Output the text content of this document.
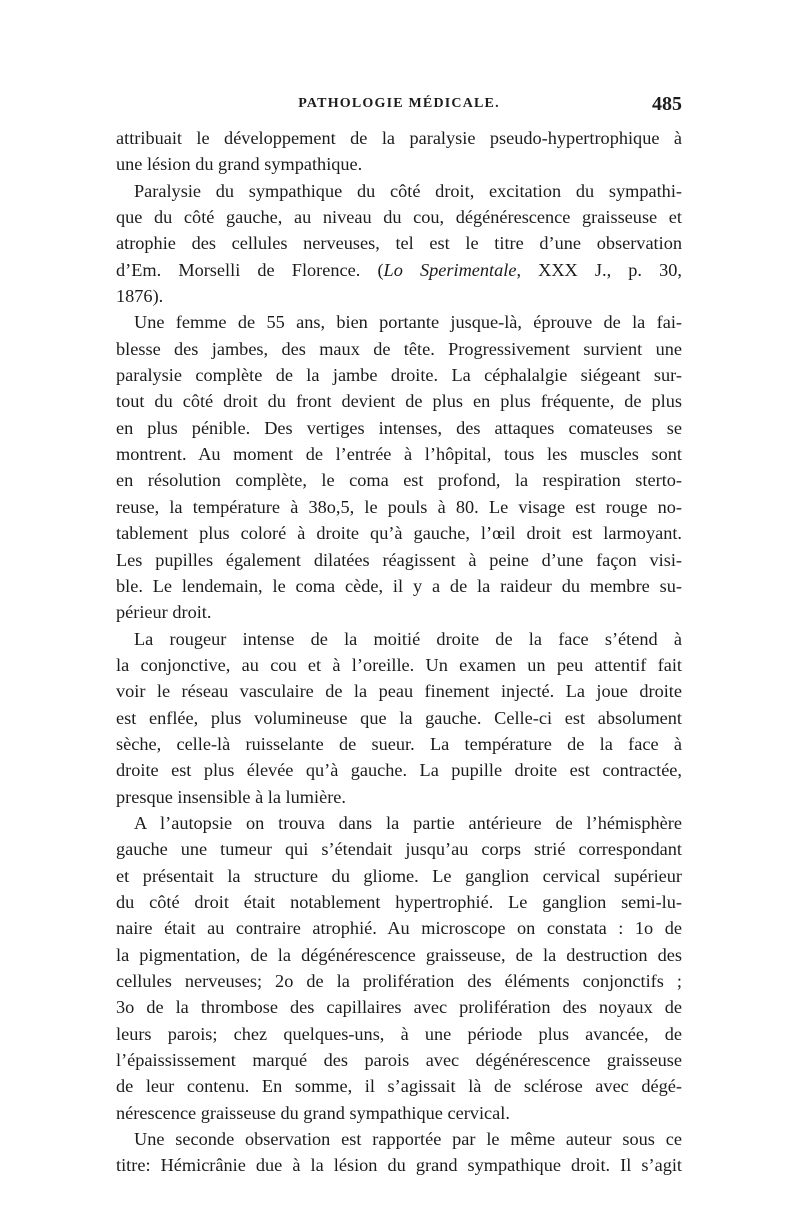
PATHOLOGIE MÉDICALE.	485
attribuait le développement de la paralysie pseudo-hypertrophique à
une lésion du grand sympathique.
Paralysie du sympathique du côté droit, excitation du sympathi-
que du côté gauche, au niveau du cou, dégénérescence graisseuse et
atrophie des cellules nerveuses, tel est le titre d’une observation
d’Em. Morselli de Florence. (Lo Sperimentale, XXX J., p. 30,
1876).
Une femme de 55 ans, bien portante jusque-là, éprouve de la fai-
blesse des jambes, des maux de tête. Progressivement survient une
paralysie complète de la jambe droite. La céphalalgie siégeant sur-
tout du côté droit du front devient de plus en plus fréquente, de plus
en plus pénible. Des vertiges intenses, des attaques comateuses se
montrent. Au moment de l’entrée à l’hôpital, tous les muscles sont
en résolution complète, le coma est profond, la respiration sterto-
reuse, la température à 38o,5, le pouls à 80. Le visage est rouge no-
tablement plus coloré à droite qu’à gauche, l’œil droit est larmoyant.
Les pupilles également dilatées réagissent à peine d’une façon visi-
ble. Le lendemain, le coma cède, il y a de la raideur du membre su-
périeur droit.
La rougeur intense de la moitié droite de la face s’étend à
la conjonctive, au cou et à l’oreille. Un examen un peu attentif fait
voir le réseau vasculaire de la peau finement injecté. La joue droite
est enflée, plus volumineuse que la gauche. Celle-ci est absolument
sèche, celle-là ruisselante de sueur. La température de la face à
droite est plus élevée qu’à gauche. La pupille droite est contractée,
presque insensible à la lumière.
A l’autopsie on trouva dans la partie antérieure de l’hémisphère
gauche une tumeur qui s’étendait jusqu’au corps strié correspondant
et présentait la structure du gliome. Le ganglion cervical supérieur
du côté droit était notablement hypertrophié. Le ganglion semi-lu-
naire était au contraire atrophié. Au microscope on constata : 1o de
la pigmentation, de la dégénérescence graisseuse, de la destruction des
cellules nerveuses; 2o de la prolifération des éléments conjonctifs ;
3o de la thrombose des capillaires avec prolifération des noyaux de
leurs parois; chez quelques-uns, à une période plus avancée, de
l’épaississement marqué des parois avec dégénérescence graisseuse
de leur contenu. En somme, il s’agissait là de sclérose avec dégé-
nérescence graisseuse du grand sympathique cervical.
Une seconde observation est rapportée par le même auteur sous ce
titre: Hémicrânie due à la lésion du grand sympathique droit. Il s’agit
